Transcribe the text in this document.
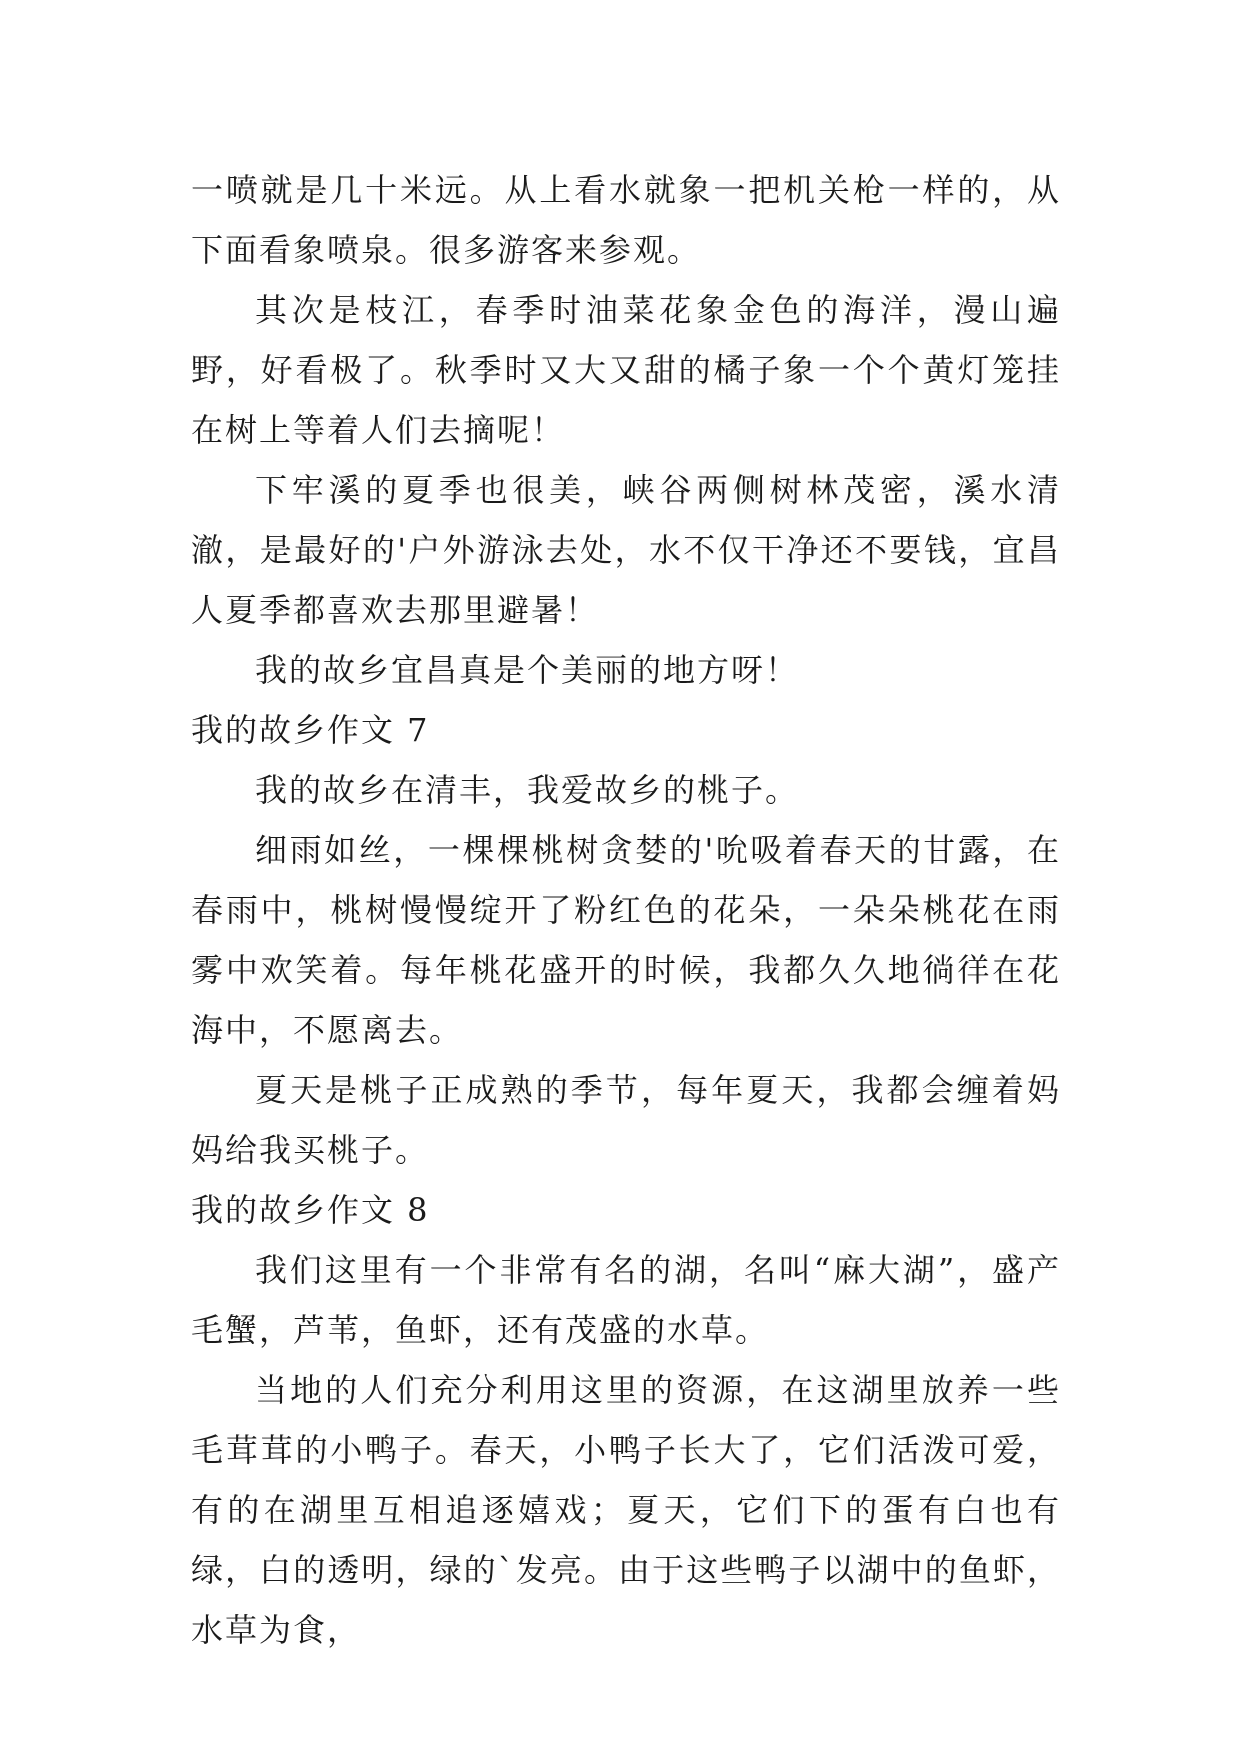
一喷就是几十米远。从上看水就象一把机关枪一样的，从下面看象喷泉。很多游客来参观。

其次是枝江，春季时油菜花象金色的海洋，漫山遍野，好看极了。秋季时又大又甜的橘子象一个个黄灯笼挂在树上等着人们去摘呢！

下牢溪的夏季也很美，峡谷两侧树林茂密，溪水清澈，是最好的'户外游泳去处，水不仅干净还不要钱，宜昌人夏季都喜欢去那里避暑！

我的故乡宜昌真是个美丽的地方呀！

我的故乡作文 7

我的故乡在清丰，我爱故乡的桃子。

细雨如丝，一棵棵桃树贪婪的'吮吸着春天的甘露，在春雨中，桃树慢慢绽开了粉红色的花朵，一朵朵桃花在雨雾中欢笑着。每年桃花盛开的时候，我都久久地徜徉在花海中，不愿离去。

夏天是桃子正成熟的季节，每年夏天，我都会缠着妈妈给我买桃子。

我的故乡作文 8

我们这里有一个非常有名的湖，名叫“麻大湖”，盛产毛蟹，芦苇，鱼虾，还有茂盛的水草。

当地的人们充分利用这里的资源，在这湖里放养一些毛茸茸的小鸭子。春天，小鸭子长大了，它们活泼可爱，有的在湖里互相追逐嬉戏；夏天，它们下的蛋有白也有绿，白的透明，绿的`发亮。由于这些鸭子以湖中的鱼虾，水草为食，
